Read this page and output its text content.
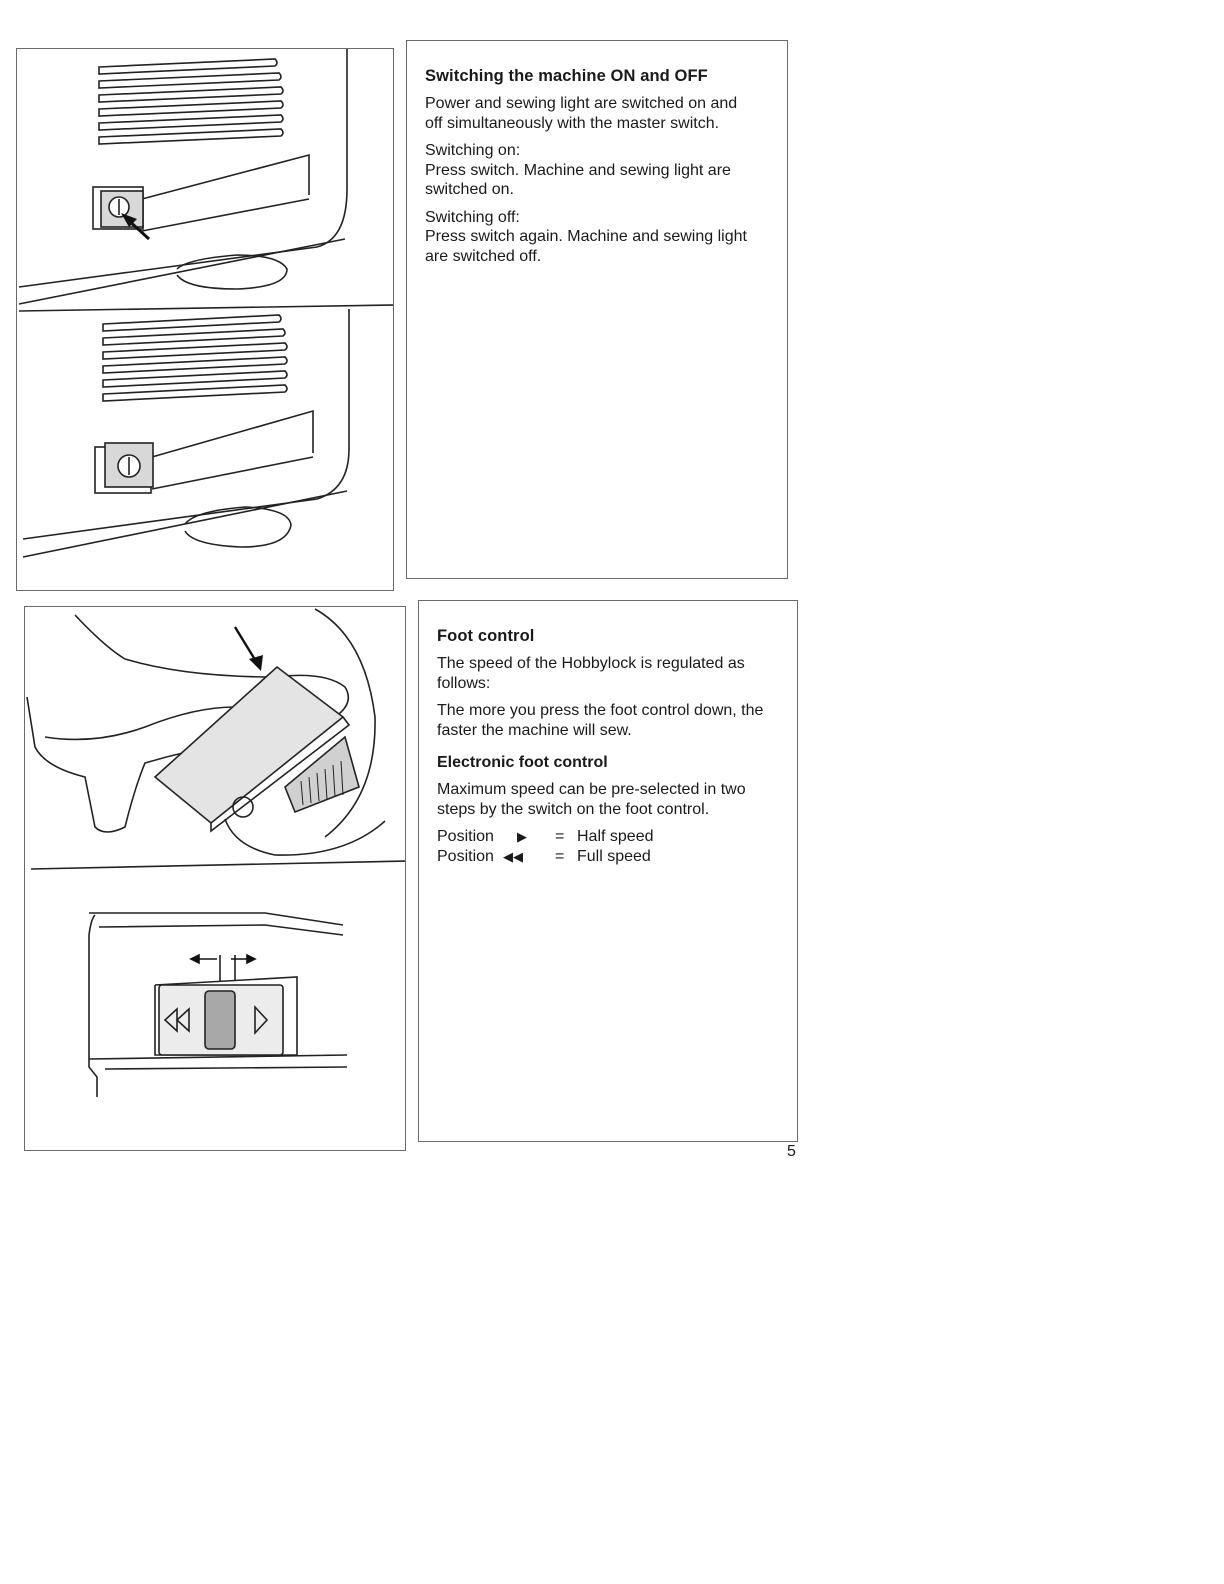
Switching the machine ON and OFF
Power and sewing light are switched on and off simultaneously with the master switch.
Switching on:
Press switch. Machine and sewing light are switched on.
Switching off:
Press switch again. Machine and sewing light are switched off.
Foot control
The speed of the Hobbylock is regulated as follows:
The more you press the foot control down, the faster the machine will sew.
Electronic foot control
Maximum speed can be pre-selected in two steps by the switch on the foot control.
Position	▶	=	Half speed
Position	◀◀	=	Full speed
5
